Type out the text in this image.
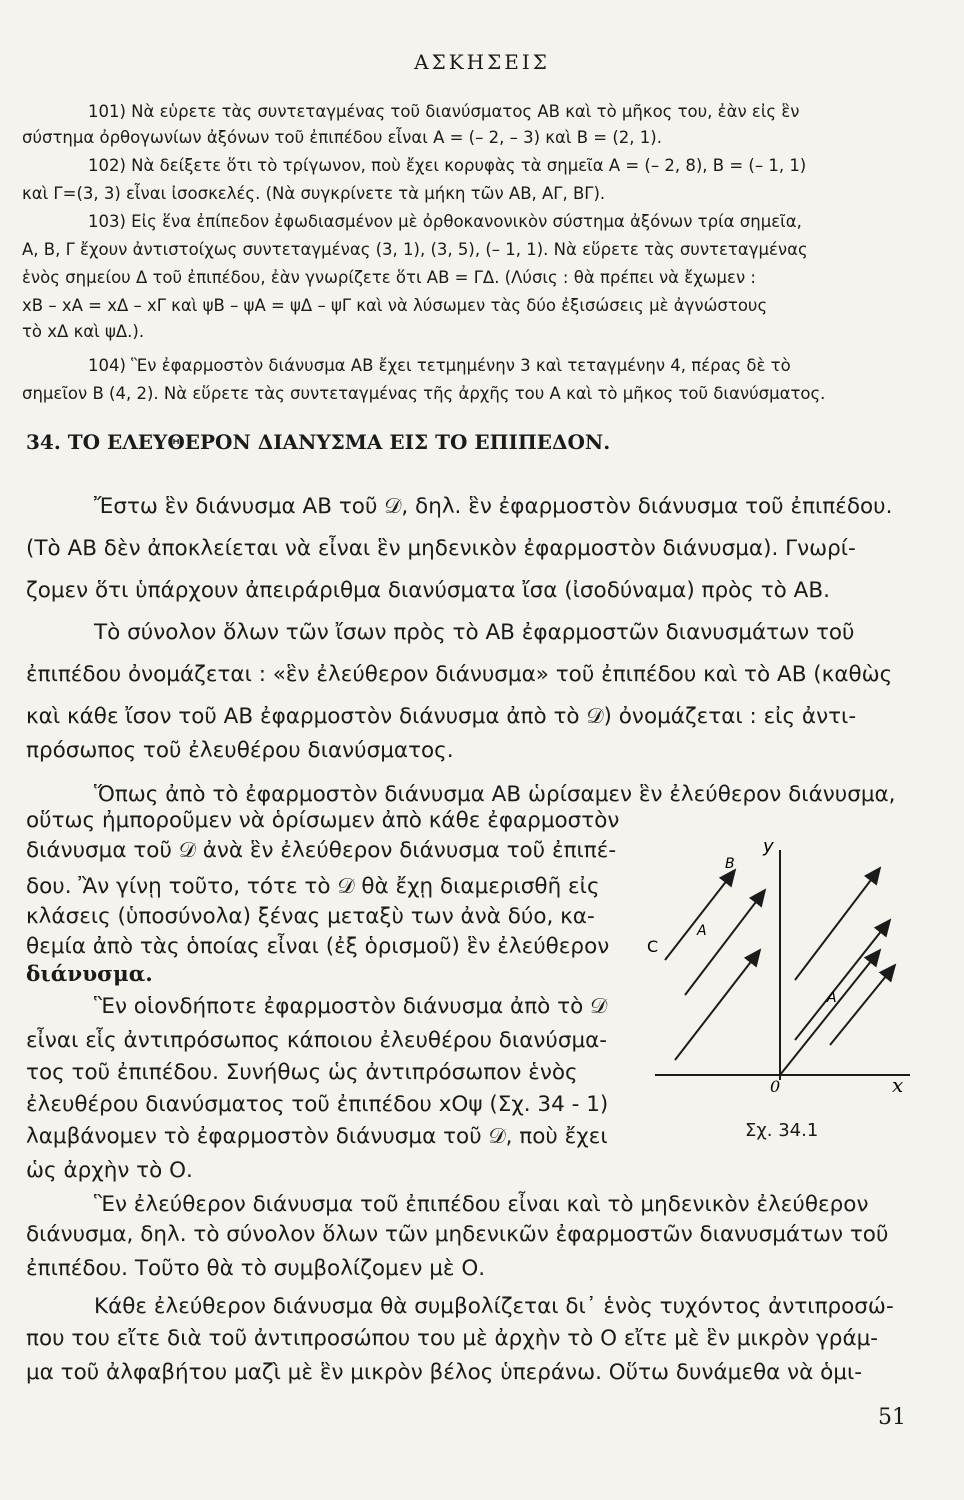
ΑΣΚΗΣΕΙΣ
101) Νὰ εὑρετε τὰς συντεταγμένας τοῦ διανύσματος ΑΒ καὶ τὸ μῆκος του, ἐὰν εἰς ἓν
σύστημα ὀρθογωνίων ἀξόνων τοῦ ἐπιπέδου εἶναι Α = (– 2, – 3) καὶ Β = (2, 1).
102) Νὰ δείξετε ὅτι τὸ τρίγωνον, ποὺ ἔχει κορυφὰς τὰ σημεῖα Α = (– 2, 8), Β = (– 1, 1)
καὶ Γ=(3, 3) εἶναι ἰσοσκελές. (Νὰ συγκρίνετε τὰ μήκη τῶν ΑΒ, ΑΓ, ΒΓ).
103) Εἰς ἕνα ἐπίπεδον ἐφωδιασμένον μὲ ὀρθοκανονικὸν σύστημα ἀξόνων τρία σημεῖα,
Α, Β, Γ ἔχουν ἀντιστοίχως συντεταγμένας (3, 1), (3, 5), (– 1, 1). Νὰ εὕρετε τὰς συντεταγμένας
ἑνὸς σημείου Δ τοῦ ἐπιπέδου, ἐὰν γνωρίζετε ὅτι ΑΒ = ΓΔ. (Λύσις : θὰ πρέπει νὰ ἔχωμεν :
xΒ – xΑ = xΔ – xΓ καὶ ψΒ – ψΑ = ψΔ – ψΓ καὶ νὰ λύσωμεν τὰς δύο ἐξισώσεις μὲ ἀγνώστους
τὸ xΔ καὶ ψΔ.).
104) Ἓν ἐφαρμοστὸν διάνυσμα ΑΒ ἔχει τετμημένην 3 καὶ τεταγμένην 4, πέρας δὲ τὸ
σημεῖον Β (4, 2). Νὰ εὕρετε τὰς συντεταγμένας τῆς ἀρχῆς του Α καὶ τὸ μῆκος τοῦ διανύσματος.
34. ΤΟ ΕΛΕΥΘΕΡΟΝ ΔΙΑΝΥΣΜΑ ΕΙΣ ΤΟ ΕΠΙΠΕΔΟΝ.
Ἔστω ἓν διάνυσμα ΑΒ τοῦ 𝒟, δηλ. ἓν ἐφαρμοστὸν διάνυσμα τοῦ ἐπιπέδου.
(Τὸ ΑΒ δὲν ἀποκλείεται νὰ εἶναι ἓν μηδενικὸν ἐφαρμοστὸν διάνυσμα). Γνωρί-
ζομεν ὅτι ὑπάρχουν ἀπειράριθμα διανύσματα ἴσα (ἰσοδύναμα) πρὸς τὸ ΑΒ.
Τὸ σύνολον ὅλων τῶν ἴσων πρὸς τὸ ΑΒ ἐφαρμοστῶν διανυσμάτων τοῦ
ἐπιπέδου ὀνομάζεται : «ἓν ἐλεύθερον διάνυσμα» τοῦ ἐπιπέδου καὶ τὸ ΑΒ (καθὼς
καὶ κάθε ἴσον τοῦ ΑΒ ἐφαρμοστὸν διάνυσμα ἀπὸ τὸ 𝒟) ὀνομάζεται : εἰς ἀντι-
πρόσωπος τοῦ ἐλευθέρου διανύσματος.
Ὅπως ἀπὸ τὸ ἐφαρμοστὸν διάνυσμα ΑΒ ὡρίσαμεν ἓν ἐλεύθερον διάνυσμα,
οὕτως ἠμποροῦμεν νὰ ὁρίσωμεν ἀπὸ κάθε ἐφαρμοστὸν
διάνυσμα τοῦ 𝒟 ἀνὰ ἓν ἐλεύθερον διάνυσμα τοῦ ἐπιπέ-
δου. Ἂν γίνῃ τοῦτο, τότε τὸ 𝒟 θὰ ἔχῃ διαμερισθῆ εἰς
κλάσεις (ὑποσύνολα) ξένας μεταξὺ των ἀνὰ δύο, κα-
θεμία ἀπὸ τὰς ὁποίας εἶναι (ἐξ ὁρισμοῦ) ἓν ἐλεύθερον
διάνυσμα.
Ἓν οἱονδήποτε ἐφαρμοστὸν διάνυσμα ἀπὸ τὸ 𝒟
εἶναι εἷς ἀντιπρόσωπος κάποιου ἐλευθέρου διανύσμα-
τος τοῦ ἐπιπέδου. Συνήθως ὡς ἀντιπρόσωπον ἑνὸς
ἐλευθέρου διανύσματος τοῦ ἐπιπέδου xOψ (Σχ. 34 - 1)
λαμβάνομεν τὸ ἐφαρμοστὸν διάνυσμα τοῦ 𝒟, ποὺ ἔχει
ὡς ἀρχὴν τὸ Ο.
Ἓν ἐλεύθερον διάνυσμα τοῦ ἐπιπέδου εἶναι καὶ τὸ μηδενικὸν ἐλεύθερον
διάνυσμα, δηλ. τὸ σύνολον ὅλων τῶν μηδενικῶν ἐφαρμοστῶν διανυσμάτων τοῦ
ἐπιπέδου. Τοῦτο θὰ τὸ συμβολίζομεν μὲ Ο.
Κάθε ἐλεύθερον διάνυσμα θὰ συμβολίζεται δι᾽ ἑνὸς τυχόντος ἀντιπροσώ-
που του εἴτε διὰ τοῦ ἀντιπροσώπου του μὲ ἀρχὴν τὸ Ο εἴτε μὲ ἓν μικρὸν γράμ-
μα τοῦ ἀλφαβήτου μαζὶ μὲ ἓν μικρὸν βέλος ὑπεράνω. Οὕτω δυνάμεθα νὰ ὁμι-
y
x
0
A
B
A
C
Σχ. 34.1
51
